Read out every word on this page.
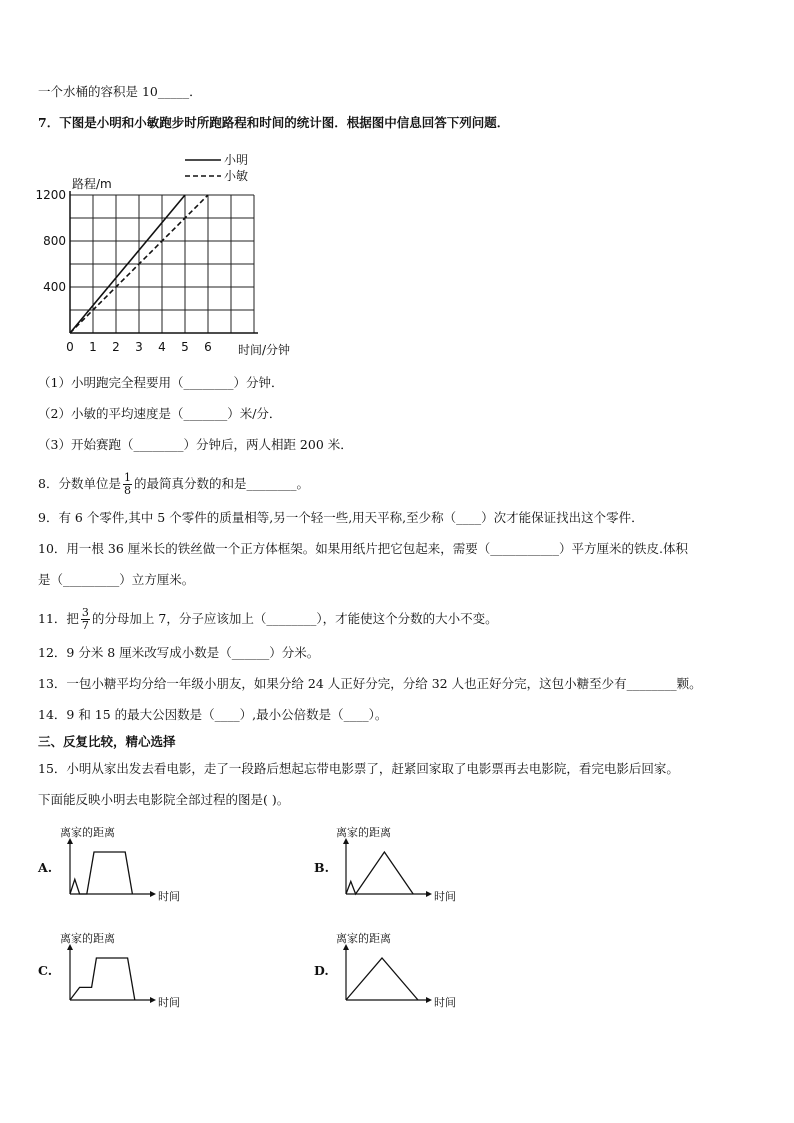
一个水桶的容积是 10_____．
7．下图是小明和小敏跑步时所跑路程和时间的统计图．根据图中信息回答下列问题．
0 1 2 3 4 5 6
400
800
1200
路程/m
时间/分钟
小明
小敏
（1）小明跑完全程要用（________）分钟．
（2）小敏的平均速度是（_______）米/分．
（3）开始赛跑（________）分钟后，两人相距 200 米．
8．分数单位是 $\frac{1}{8}$ 的最简真分数的和是________。
9．有 6 个零件,其中 5 个零件的质量相等,另一个轻一些,用天平称,至少称（____）次才能保证找出这个零件．
10．用一根 36 厘米长的铁丝做一个正方体框架。如果用纸片把它包起来，需要（___________）平方厘米的铁皮.体积
是（_________）立方厘米。
11．把 $\frac{3}{7}$ 的分母加上 7，分子应该加上（________），才能使这个分数的大小不变。
12．9 分米 8 厘米改写成小数是（______）分米。
13．一包小糖平均分给一年级小朋友，如果分给 24 人正好分完，分给 32 人也正好分完，这包小糖至少有________颗。
14．9 和 15 的最大公因数是（____）,最小公倍数是（____）。
三、反复比较，精心选择
15．小明从家出发去看电影，走了一段路后想起忘带电影票了，赶紧回家取了电影票再去电影院，看完电影后回家。
下面能反映小明去电影院全部过程的图是( )。
A.
离家的距离
时间
B.
离家的距离
时间
C.
离家的距离
时间
D.
离家的距离
时间
